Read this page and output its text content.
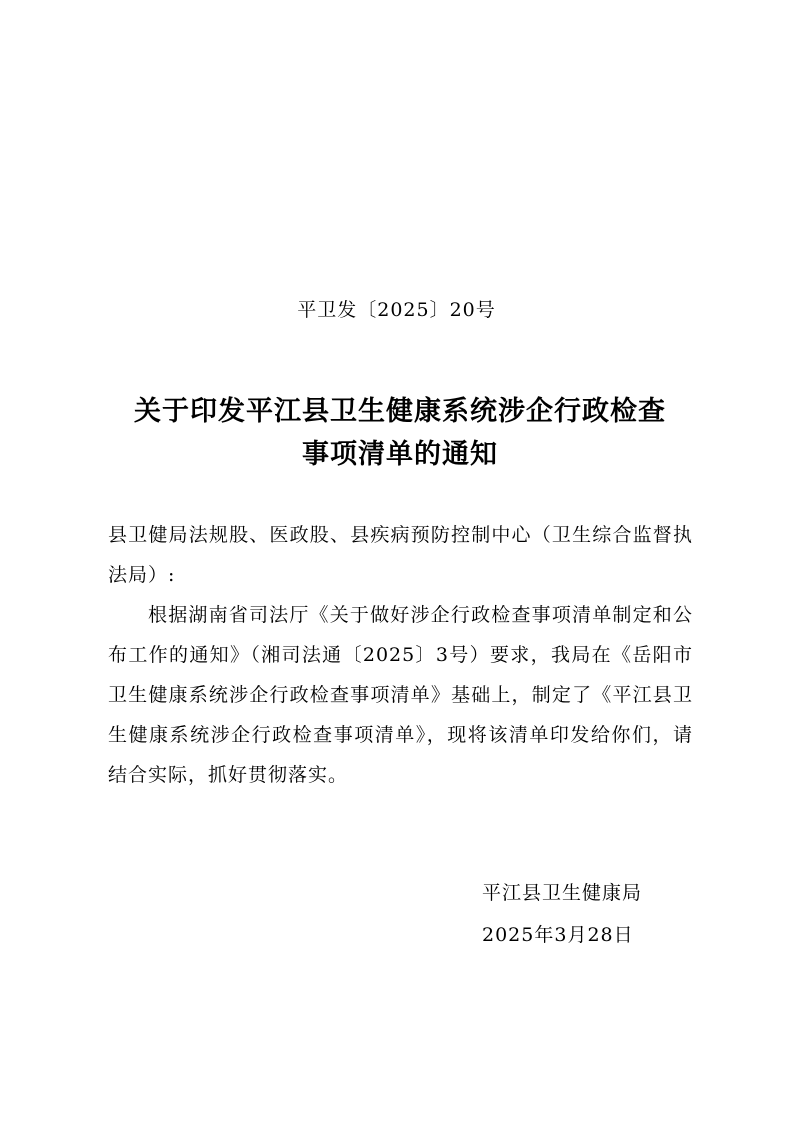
平卫发〔2025〕20号
关于印发平江县卫生健康系统涉企行政检查
事项清单的通知
县卫健局法规股、医政股、县疾病预防控制中心（卫生综合监督执法局）:
根据湖南省司法厅《关于做好涉企行政检查事项清单制定和公布工作的通知》（湘司法通〔2025〕3号）要求，我局在《岳阳市卫生健康系统涉企行政检查事项清单》基础上，制定了《平江县卫生健康系统涉企行政检查事项清单》，现将该清单印发给你们，请结合实际，抓好贯彻落实。
平江县卫生健康局
2025年3月28日
